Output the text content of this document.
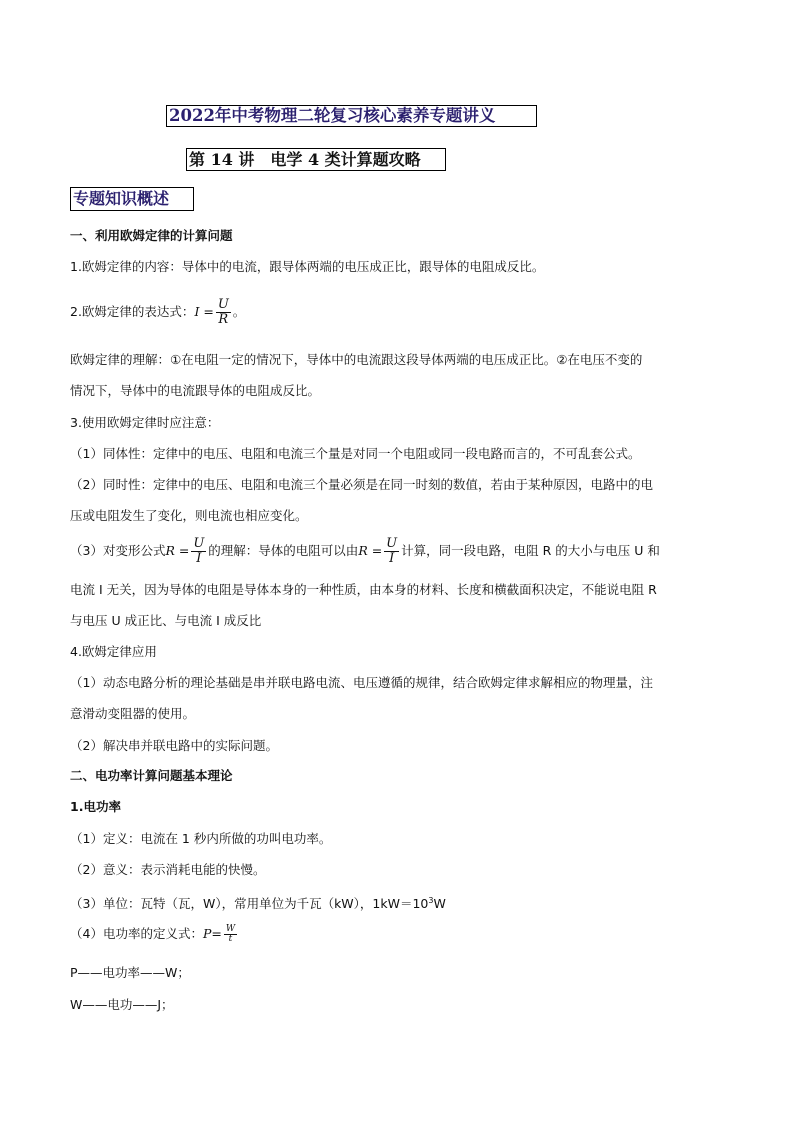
2022年中考物理二轮复习核心素养专题讲义
第 14 讲　电学 4 类计算题攻略
专题知识概述
一、利用欧姆定律的计算问题
1.欧姆定律的内容：导体中的电流，跟导体两端的电压成正比，跟导体的电阻成反比。
2.欧姆定律的表达式：$I = \frac{U}{R}$ 。
欧姆定律的理解：①在电阻一定的情况下，导体中的电流跟这段导体两端的电压成正比。②在电压不变的
情况下，导体中的电流跟导体的电阻成反比。
3.使用欧姆定律时应注意：
（1）同体性：定律中的电压、电阻和电流三个量是对同一个电阻或同一段电路而言的，不可乱套公式。
（2）同时性：定律中的电压、电阻和电流三个量必须是在同一时刻的数值，若由于某种原因，电路中的电
压或电阻发生了变化，则电流也相应变化。
（3）对变形公式$R = \frac{U}{I}$ 的理解：导体的电阻可以由$R = \frac{U}{I}$ 计算，同一段电路，电阻 R 的大小与电压 U 和
电流 I 无关，因为导体的电阻是导体本身的一种性质，由本身的材料、长度和横截面积决定，不能说电阻 R
与电压 U 成正比、与电流 I 成反比
4.欧姆定律应用
（1）动态电路分析的理论基础是串并联电路电流、电压遵循的规律，结合欧姆定律求解相应的物理量，注
意滑动变阻器的使用。
（2）解决串并联电路中的实际问题。
二、电功率计算问题基本理论
1.电功率
（1）定义：电流在 1 秒内所做的功叫电功率。
（2）意义：表示消耗电能的快慢。
（3）单位：瓦特（瓦，W），常用单位为千瓦（kW），$1kW=10^3W$
（4）电功率的定义式：$P= \frac{W}{t}$
P——电功率——W；
W——电功——J；
